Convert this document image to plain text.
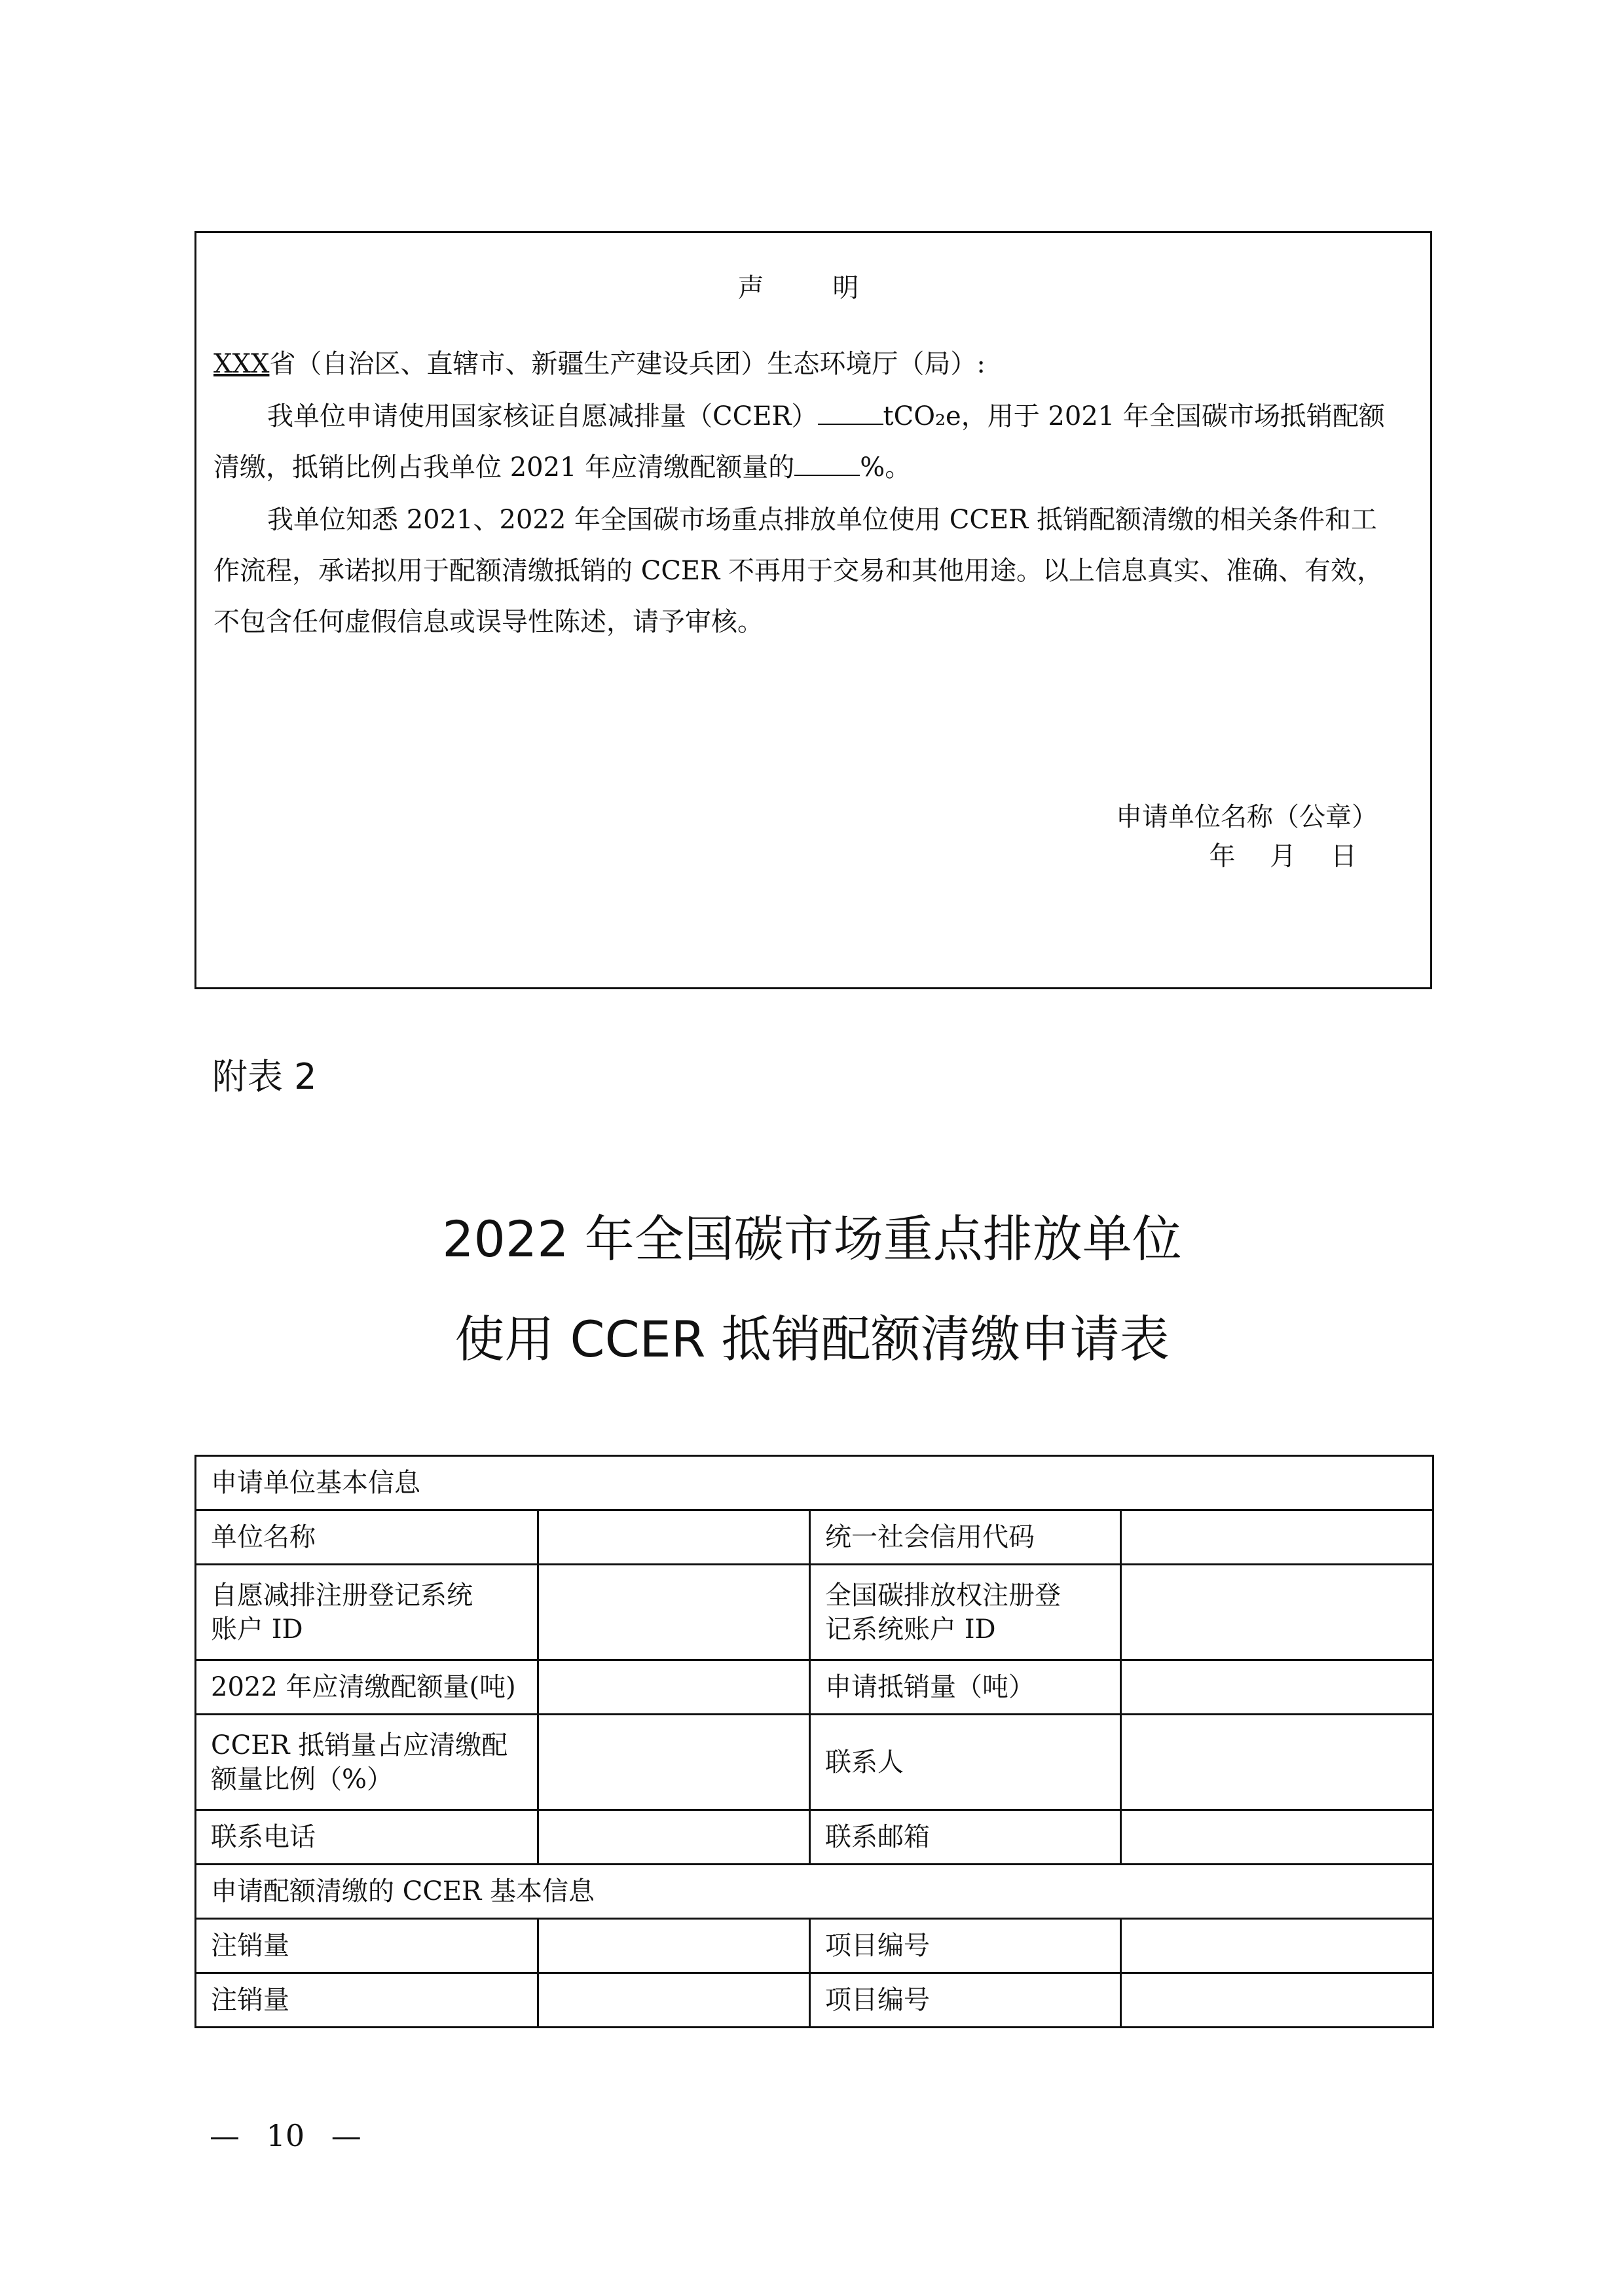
声 明
XXX省（自治区、直辖市、新疆生产建设兵团）生态环境厅（局）:
我单位申请使用国家核证自愿减排量（CCER）	tCO₂e，用于 2021 年全国碳市场抵销配额
清缴，抵销比例占我单位 2021 年应清缴配额量的	%。
我单位知悉 2021、2022 年全国碳市场重点排放单位使用 CCER 抵销配额清缴的相关条件和工
作流程，承诺拟用于配额清缴抵销的 CCER 不再用于交易和其他用途。以上信息真实、准确、有效，
不包含任何虚假信息或误导性陈述，请予审核。
申请单位名称（公章）
年 月 日
附表 2
2022 年全国碳市场重点排放单位
使用 CCER 抵销配额清缴申请表
申请单位基本信息			
单位名称		统一社会信用代码	
自愿减排注册登记系统
账户 ID		全国碳排放权注册登
记系统账户 ID	
2022 年应清缴配额量(吨)		申请抵销量（吨）	
CCER 抵销量占应清缴配
额量比例（%）		联系人	
联系电话		联系邮箱	
申请配额清缴的 CCER 基本信息			
注销量		项目编号	
注销量		项目编号	
— 10 —
